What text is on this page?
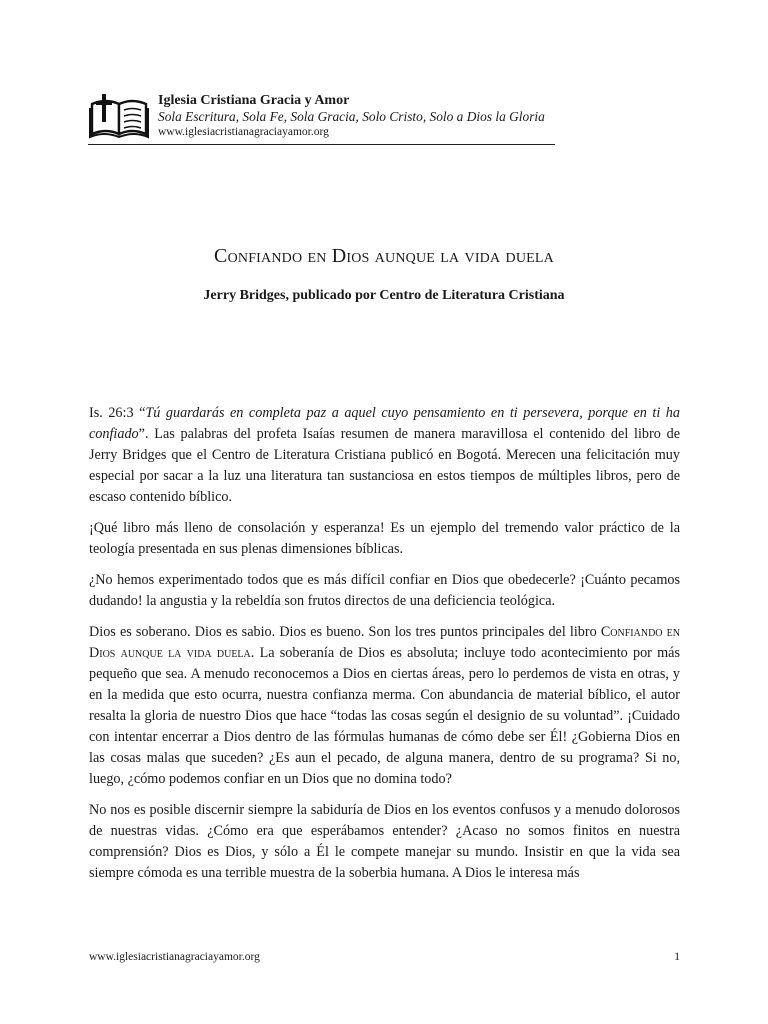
Iglesia Cristiana Gracia y Amor
Sola Escritura, Sola Fe, Sola Gracia, Solo Cristo, Solo a Dios la Gloria
www.iglesiacristianagraciayamor.org
Confiando en Dios aunque la vida duela
Jerry Bridges, publicado por Centro de Literatura Cristiana

Is. 26:3 “Tú guardarás en completa paz a aquel cuyo pensamiento en ti persevera, porque en ti ha confiado”. Las palabras del profeta Isaías resumen de manera maravillosa el contenido del libro de Jerry Bridges que el Centro de Literatura Cristiana publicó en Bogotá. Merecen una felicitación muy especial por sacar a la luz una literatura tan sustanciosa en estos tiempos de múltiples libros, pero de escaso contenido bíblico.

¡Qué libro más lleno de consolación y esperanza! Es un ejemplo del tremendo valor práctico de la teología presentada en sus plenas dimensiones bíblicas.

¿No hemos experimentado todos que es más difícil confiar en Dios que obedecerle? ¡Cuánto pecamos dudando! la angustia y la rebeldía son frutos directos de una deficiencia teológica.

Dios es soberano. Dios es sabio. Dios es bueno. Son los tres puntos principales del libro Confiando en Dios aunque la vida duela. La soberanía de Dios es absoluta; incluye todo acontecimiento por más pequeño que sea. A menudo reconocemos a Dios en ciertas áreas, pero lo perdemos de vista en otras, y en la medida que esto ocurra, nuestra confianza merma. Con abundancia de material bíblico, el autor resalta la gloria de nuestro Dios que hace “todas las cosas según el designio de su voluntad”. ¡Cuidado con intentar encerrar a Dios dentro de las fórmulas humanas de cómo debe ser Él! ¿Gobierna Dios en las cosas malas que suceden? ¿Es aun el pecado, de alguna manera, dentro de su programa? Si no, luego, ¿cómo podemos confiar en un Dios que no domina todo?

No nos es posible discernir siempre la sabiduría de Dios en los eventos confusos y a menudo dolorosos de nuestras vidas. ¿Cómo era que esperábamos entender? ¿Acaso no somos finitos en nuestra comprensión? Dios es Dios, y sólo a Él le compete manejar su mundo. Insistir en que la vida sea siempre cómoda es una terrible muestra de la soberbia humana. A Dios le interesa más

www.iglesiacristianagraciayamor.org	1
